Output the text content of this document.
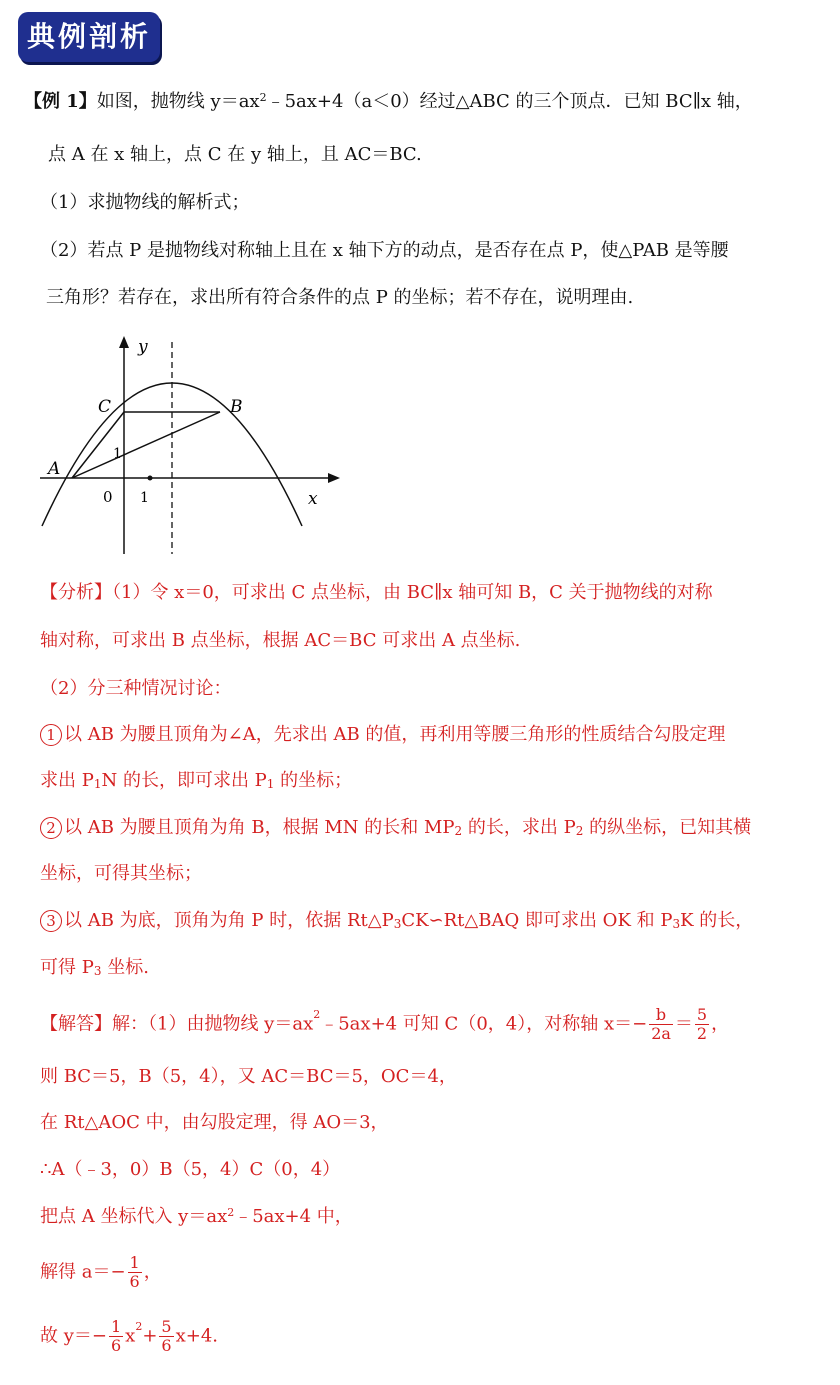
典例剖析
【例 1】如图，抛物线 $y=ax^2﹣5ax+4(a<0)$经过△ABC 的三个顶点．已知 BC∥x 轴，
点 A 在 x 轴上，点 C 在 y 轴上，且 AC＝BC.
（1）求抛物线的解析式；
（2）若点 P 是抛物线对称轴上且在 x 轴下方的动点，是否存在点 P，使△PAB 是等腰
三角形？若存在，求出所有符合条件的点 P 的坐标；若不存在，说明理由.
y
x
C	B
A
1
0 1
【分析】（1）令 x＝0，可求出 C 点坐标，由 BC∥x 轴可知 B，C 关于抛物线的对称
轴对称，可求出 B 点坐标，根据 AC＝BC 可求出 A 点坐标.
（2）分三种情况讨论：
1 以 AB 为腰且顶角为∠A，先求出 AB 的值，再利用等腰三角形的性质结合勾股定理
求出 $P_1N$ 的长，即可求出 $P_1$ 的坐标；
2 以 AB 为腰且顶角为角 B，根据 MN 的长和 $MP_2$ 的长，求出 $P_2$ 的纵坐标，已知其横
坐标，可得其坐标；
3 以 AB 为底，顶角为角 P 时，依据 $Rt\triangle P_3CK∽Rt\triangle BAQ$ 即可求出 OK 和 $P_3K$ 的长，
可得 $P_3$ 坐标.
【解答】解：（1）由抛物线 $y=ax^2﹣5ax+4$ 可知 C（0，4），对称轴 $x=- \frac{b}{2a} = \frac{5}{2}$ ，
则 BC＝5，B（5，4），又 AC＝BC＝5，OC＝4，
在 Rt△AOC 中，由勾股定理，得 AO＝3，
∴A（﹣3，0）B（5，4）C（0，4）
把点 A 坐标代入 $y=ax^2﹣5ax+4$ 中，
解得 $a=- \frac{1}{6}$ ，
故 $y=- \frac{1}{6} x^2+ \frac{5}{6} x+4$.
